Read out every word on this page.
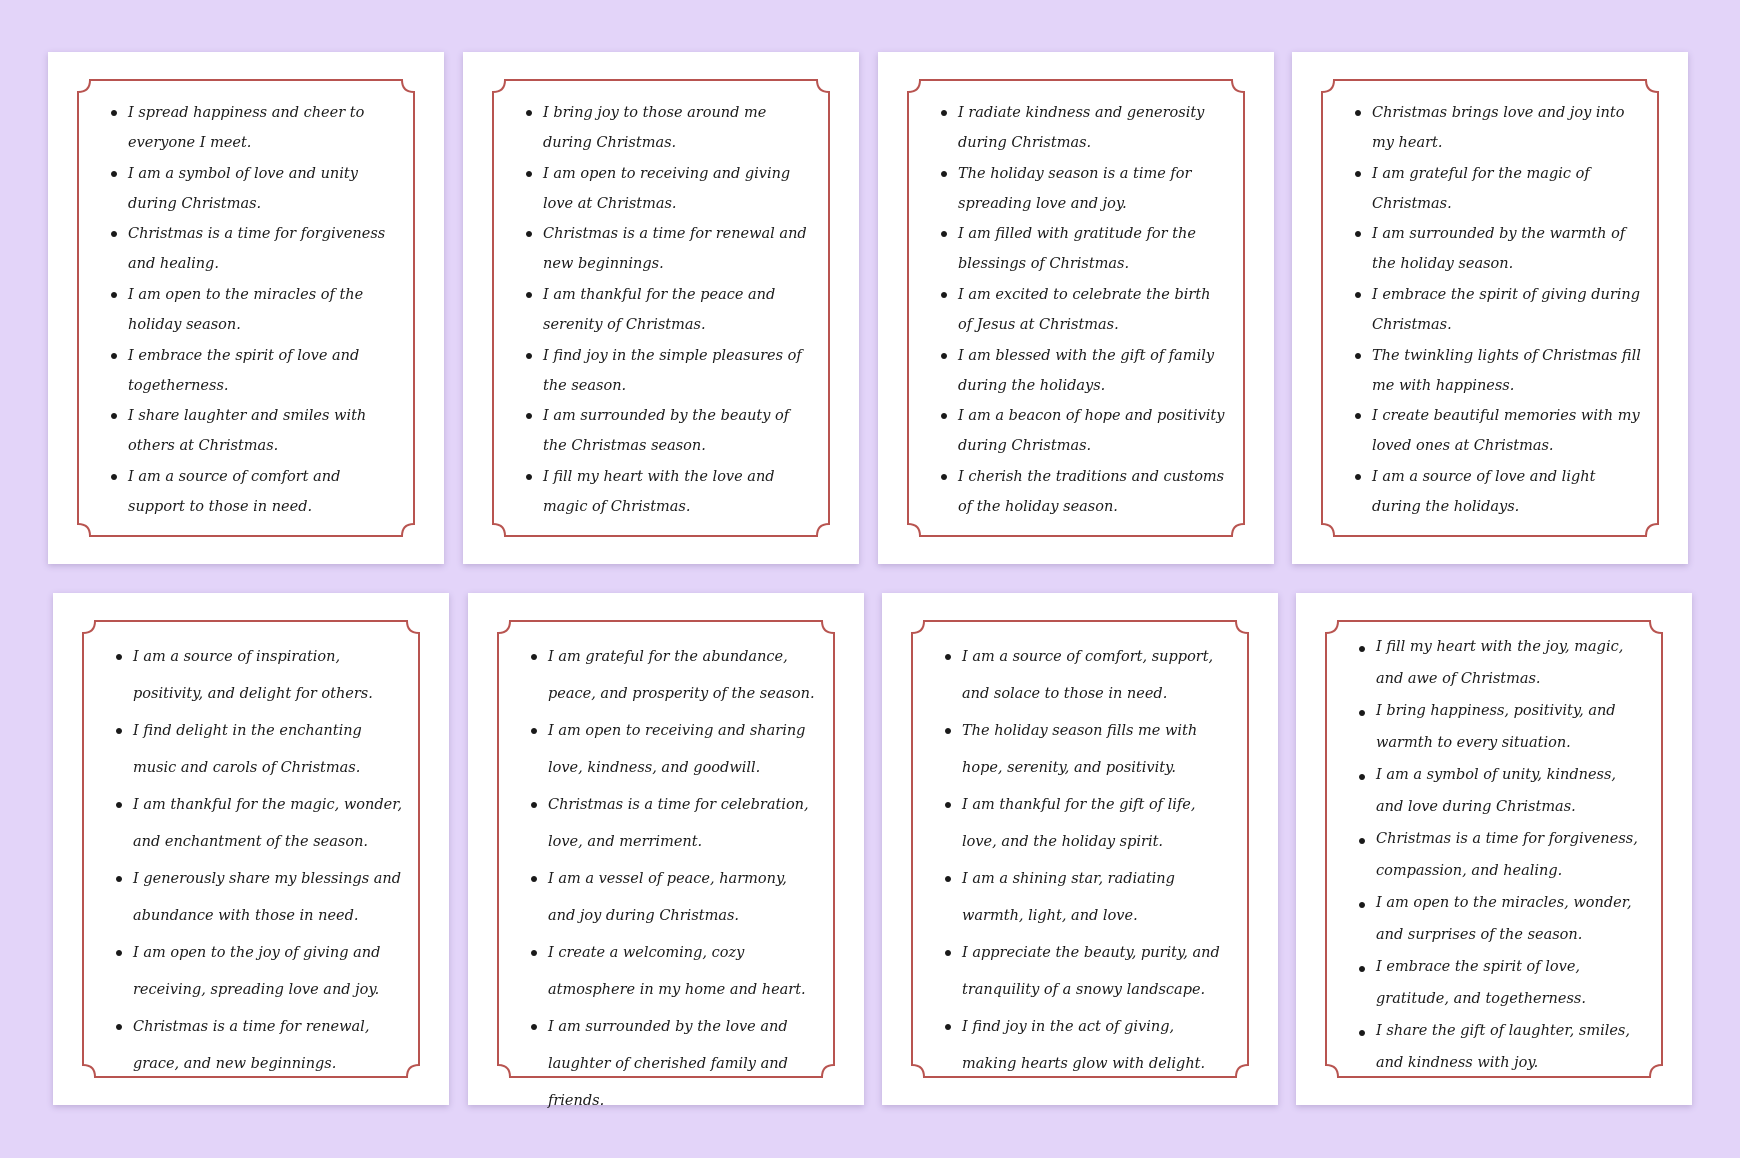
I spread happiness and cheer to everyone I meet.
I am a symbol of love and unity during Christmas.
Christmas is a time for forgiveness and healing.
I am open to the miracles of the holiday season.
I embrace the spirit of love and togetherness.
I share laughter and smiles with others at Christmas.
I am a source of comfort and support to those in need.
I bring joy to those around me during Christmas.
I am open to receiving and giving love at Christmas.
Christmas is a time for renewal and new beginnings.
I am thankful for the peace and serenity of Christmas.
I find joy in the simple pleasures of the season.
I am surrounded by the beauty of the Christmas season.
I fill my heart with the love and magic of Christmas.
I radiate kindness and generosity during Christmas.
The holiday season is a time for spreading love and joy.
I am filled with gratitude for the blessings of Christmas.
I am excited to celebrate the birth of Jesus at Christmas.
I am blessed with the gift of family during the holidays.
I am a beacon of hope and positivity during Christmas.
I cherish the traditions and customs of the holiday season.
Christmas brings love and joy into my heart.
I am grateful for the magic of Christmas.
I am surrounded by the warmth of the holiday season.
I embrace the spirit of giving during Christmas.
The twinkling lights of Christmas fill me with happiness.
I create beautiful memories with my loved ones at Christmas.
I am a source of love and light during the holidays.
I am a source of inspiration, positivity, and delight for others.
I find delight in the enchanting music and carols of Christmas.
I am thankful for the magic, wonder, and enchantment of the season.
I generously share my blessings and abundance with those in need.
I am open to the joy of giving and receiving, spreading love and joy.
Christmas is a time for renewal, grace, and new beginnings.
I am grateful for the abundance, peace, and prosperity of the season.
I am open to receiving and sharing love, kindness, and goodwill.
Christmas is a time for celebration, love, and merriment.
I am a vessel of peace, harmony, and joy during Christmas.
I create a welcoming, cozy atmosphere in my home and heart.
I am surrounded by the love and laughter of cherished family and friends.
I am a source of comfort, support, and solace to those in need.
The holiday season fills me with hope, serenity, and positivity.
I am thankful for the gift of life, love, and the holiday spirit.
I am a shining star, radiating warmth, light, and love.
I appreciate the beauty, purity, and tranquility of a snowy landscape.
I find joy in the act of giving, making hearts glow with delight.
I fill my heart with the joy, magic, and awe of Christmas.
I bring happiness, positivity, and warmth to every situation.
I am a symbol of unity, kindness, and love during Christmas.
Christmas is a time for forgiveness, compassion, and healing.
I am open to the miracles, wonder, and surprises of the season.
I embrace the spirit of love, gratitude, and togetherness.
I share the gift of laughter, smiles, and kindness with joy.
